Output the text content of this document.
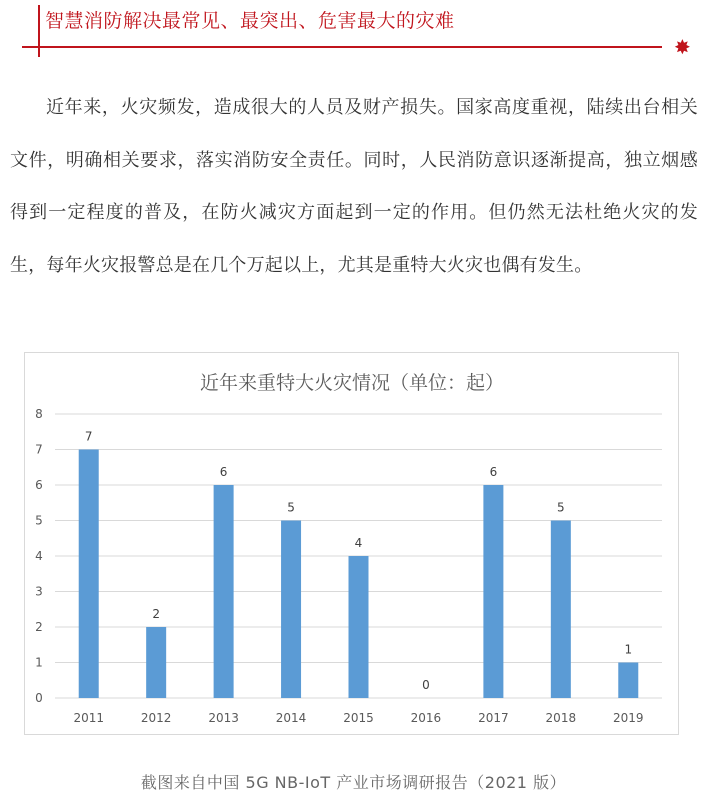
智慧消防解决最常见、最突出、危害最大的灾难
✸
近年来，火灾频发，造成很大的人员及财产损失。国家高度重视，陆续出台相关文件，明确相关要求，落实消防安全责任。同时，人民消防意识逐渐提高，独立烟感得到一定程度的普及，在防火减灾方面起到一定的作用。但仍然无法杜绝火灾的发生，每年火灾报警总是在几个万起以上，尤其是重特大火灾也偶有发生。
近年来重特大火灾情况（单位：起）
0
1
2
3
4
5
6
7
8
7
2
6
5
4
0
6
5
1
2011	2012	2013	2014	2015	2016	2017	2018	2019
截图来自中国 5G NB-IoT 产业市场调研报告（2021 版）
